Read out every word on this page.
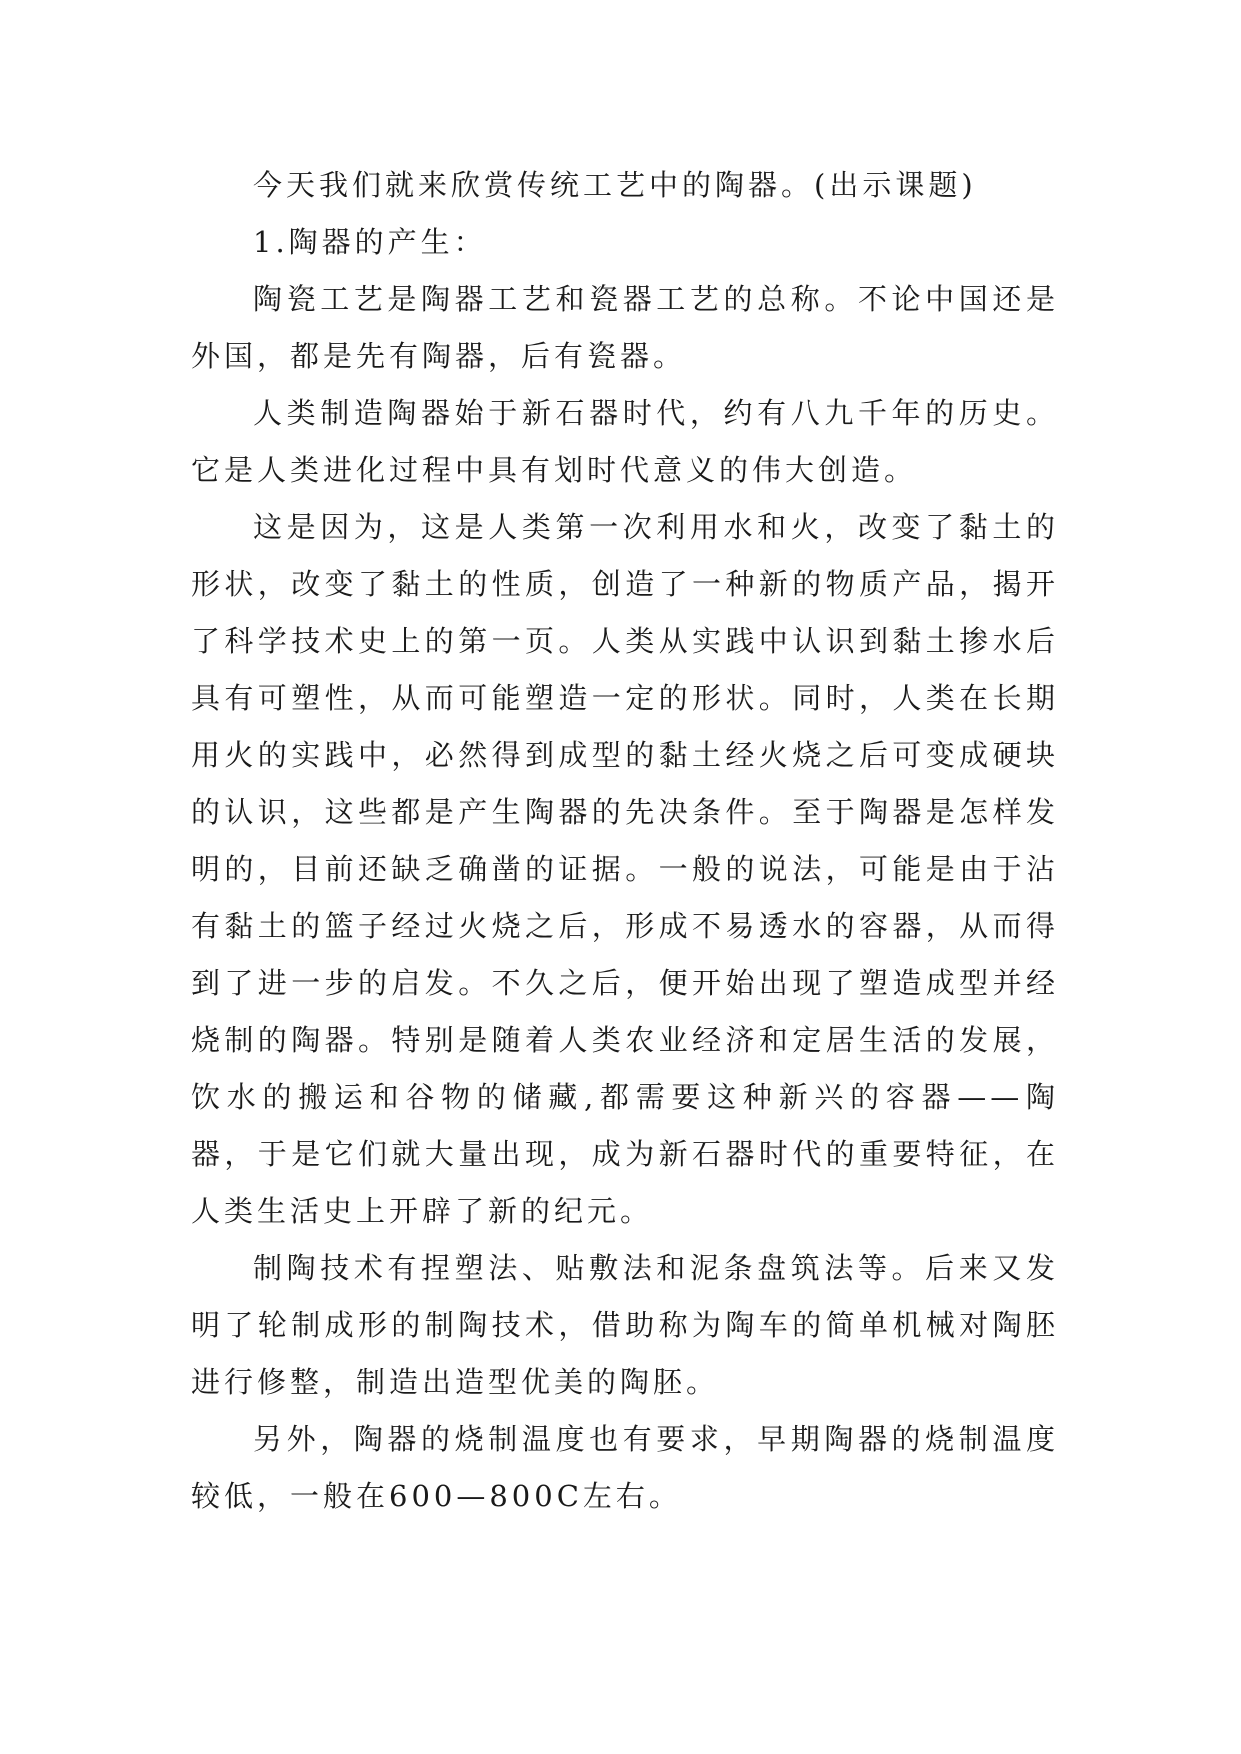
今天我们就来欣赏传统工艺中的陶器。(出示课题)

1.陶器的产生：

陶瓷工艺是陶器工艺和瓷器工艺的总称。不论中国还是外国，都是先有陶器，后有瓷器。

人类制造陶器始于新石器时代，约有八九千年的历史。它是人类进化过程中具有划时代意义的伟大创造。

这是因为，这是人类第一次利用水和火，改变了黏土的形状，改变了黏土的性质，创造了一种新的物质产品，揭开了科学技术史上的第一页。人类从实践中认识到黏土掺水后具有可塑性，从而可能塑造一定的形状。同时，人类在长期用火的实践中，必然得到成型的黏土经火烧之后可变成硬块的认识，这些都是产生陶器的先决条件。至于陶器是怎样发明的，目前还缺乏确凿的证据。一般的说法，可能是由于沾有黏土的篮子经过火烧之后，形成不易透水的容器，从而得到了进一步的启发。不久之后，便开始出现了塑造成型并经烧制的陶器。特别是随着人类农业经济和定居生活的发展，饮水的搬运和谷物的储藏,都需要这种新兴的容器——陶器，于是它们就大量出现，成为新石器时代的重要特征，在人类生活史上开辟了新的纪元。

制陶技术有捏塑法、贴敷法和泥条盘筑法等。后来又发明了轮制成形的制陶技术，借助称为陶车的简单机械对陶胚进行修整，制造出造型优美的陶胚。

另外，陶器的烧制温度也有要求，早期陶器的烧制温度较低，一般在600—800C左右。
